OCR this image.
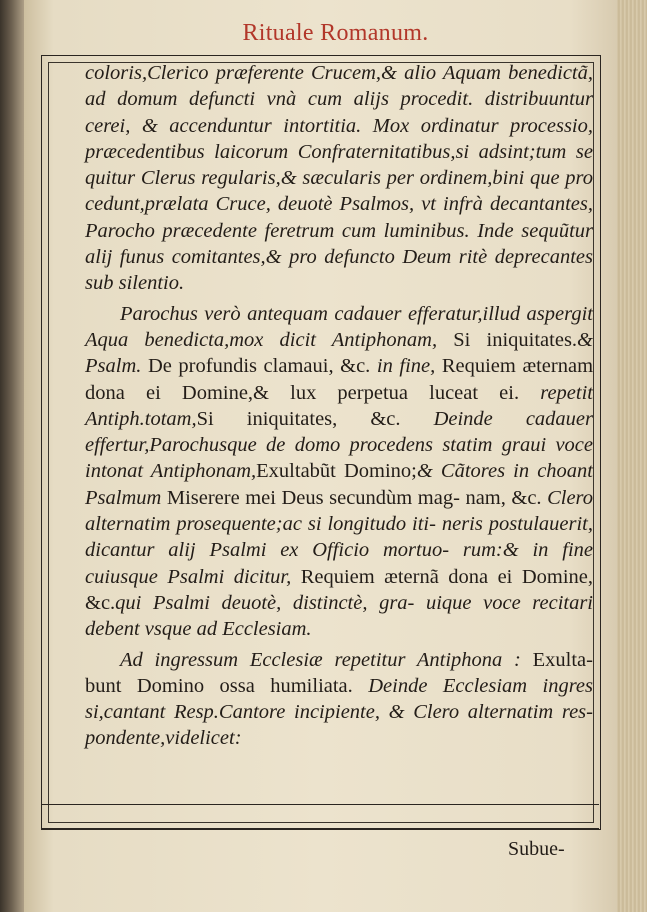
Rituale Romanum.

coloris,Clerico præferente Crucem,& alio Aquam benedictã, ad domum defuncti vnà cum alijs procedit. distribuuntur cerei, & accenduntur intortitia. Mox ordinatur processio, præcedentibus laicorum Confraternitatibus,si adsint;tum se quitur Clerus regularis,& sæcularis per ordinem,bini que pro cedunt,prælata Cruce, deuotè Psalmos, vt infrà decantantes, Parocho præcedente feretrum cum luminibus. Inde sequũtur alij funus comitantes,& pro defuncto Deum ritè deprecantes sub silentio.

Parochus verò antequam cadauer efferatur,illud aspergit Aqua benedicta,mox dicit Antiphonam, Si iniquitates.& Psalm. De profundis clamaui, &c. in fine, Requiem æternam dona ei Domine,& lux perpetua luceat ei. repetit Antiph.totam,Si iniquitates, &c. Deinde cadauer effertur,Parochusque de domo procedens statim graui voce intonat Antiphonam,Exultabũt Domino;& Cãtores in choant Psalmum Miserere mei Deus secundùm mag- nam, &c. Clero alternatim prosequente;ac si longitudo iti- neris postulauerit, dicantur alij Psalmi ex Officio mortuo- rum:& in fine cuiusque Psalmi dicitur, Requiem æternã dona ei Domine, &c.qui Psalmi deuotè, distinctè, gra- uique voce recitari debent vsque ad Ecclesiam.

Ad ingressum Ecclesiæ repetitur Antiphona : Exulta- bunt Domino ossa humiliata. Deinde Ecclesiam ingres si,cantant Resp.Cantore incipiente, & Clero alternatim res- pondente,videlicet:

Subue-
